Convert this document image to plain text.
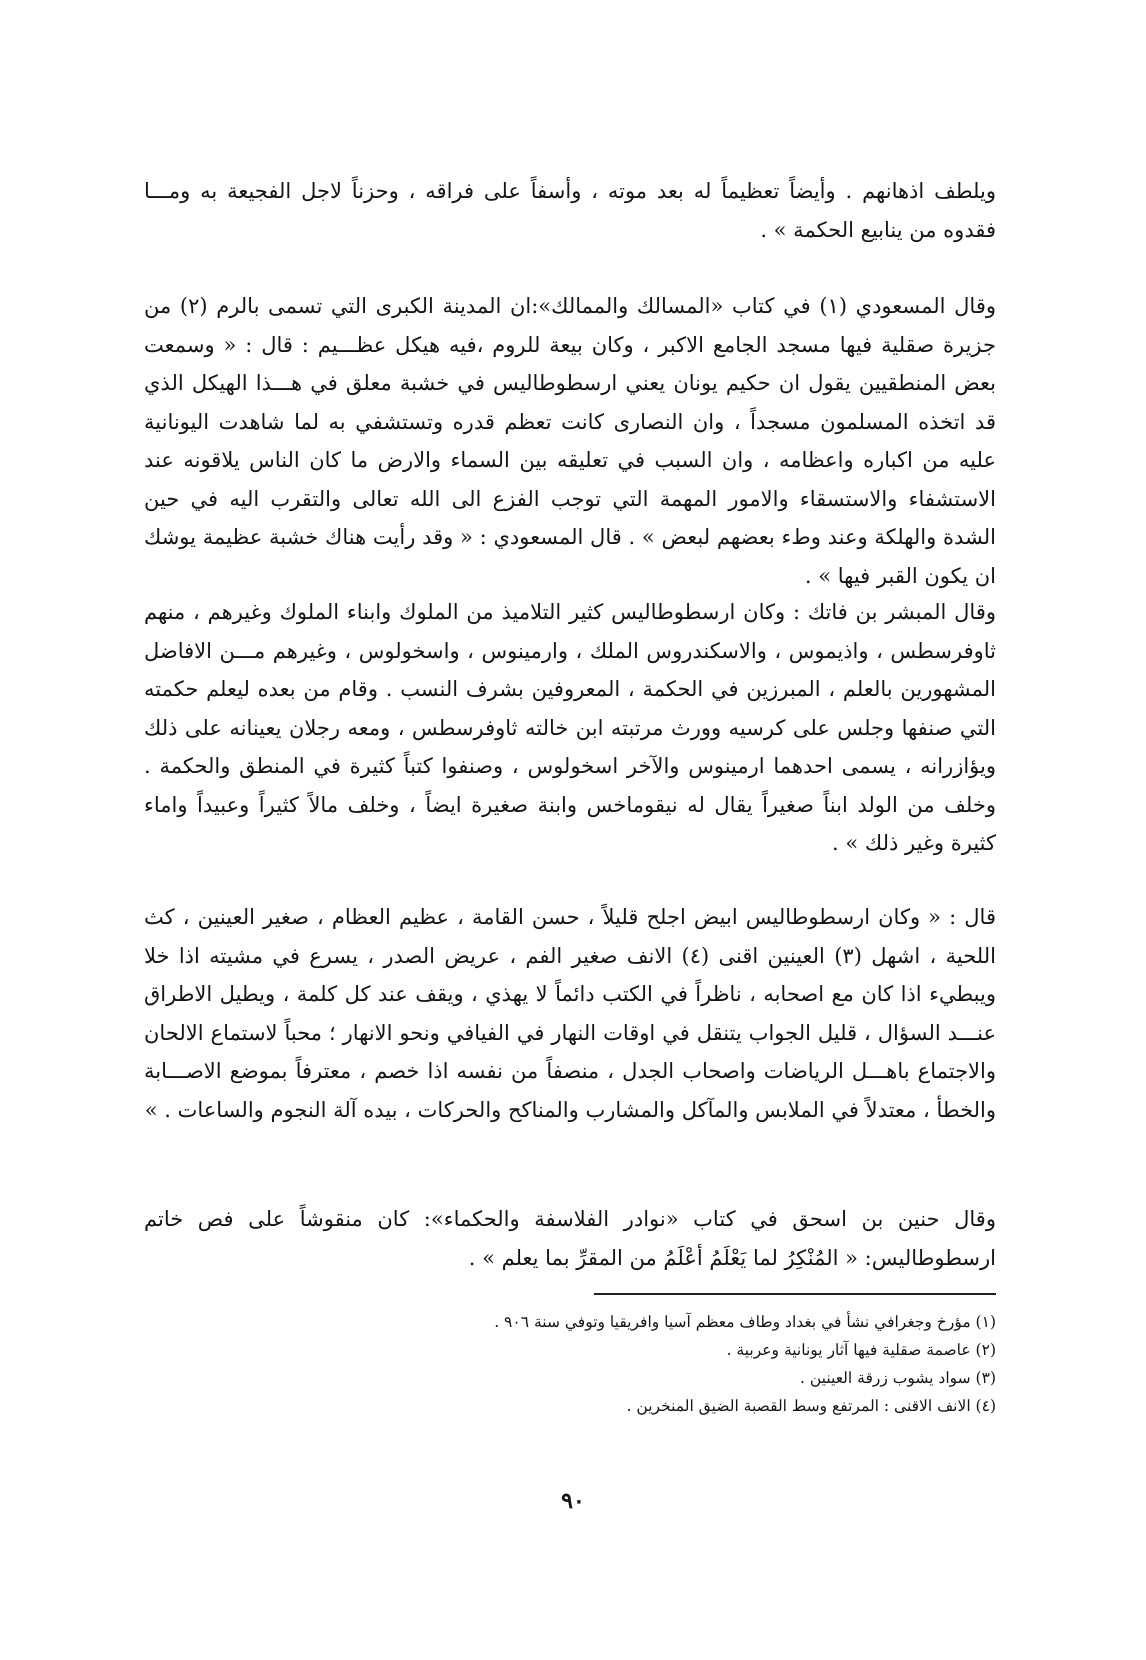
ويلطف اذهانهم . وأيضاً تعظيماً له بعد موته ، وأسفاً على فراقه ، وحزناً لاجل الفجيعة به ومـــا فقدوه من ينابيع الحكمة » .

وقال المسعودي (١) في كتاب «المسالك والممالك»:ان المدينة الكبرى التي تسمى بالرم (٢) من جزيرة صقلية فيها مسجد الجامع الاكبر ، وكان بيعة للروم ،فيه هيكل عظـــيم : قال : « وسمعت بعض المنطقيين يقول ان حكيم يونان يعني ارسطوطاليس في خشبة معلق في هـــذا الهيكل الذي قد اتخذه المسلمون مسجداً ، وان النصارى كانت تعظم قدره وتستشفي به لما شاهدت اليونانية عليه من اكباره واعظامه ، وان السبب في تعليقه بين السماء والارض ما كان الناس يلاقونه عند الاستشفاء والاستسقاء والامور المهمة التي توجب الفزع الى الله تعالى والتقرب اليه في حين الشدة والهلكة وعند وطء بعضهم لبعض » . قال المسعودي : « وقد رأيت هناك خشبة عظيمة يوشك ان يكون القبر فيها » .

وقال المبشر بن فاتك : وكان ارسطوطاليس كثير التلاميذ من الملوك وابناء الملوك وغيرهم ، منهم ثاوفرسطس ، واذيموس ، والاسكندروس الملك ، وارمينوس ، واسخولوس ، وغيرهم مـــن الافاضل المشهورين بالعلم ، المبرزين في الحكمة ، المعروفين بشرف النسب . وقام من بعده ليعلم حكمته التي صنفها وجلس على كرسيه وورث مرتبته ابن خالته ثاوفرسطس ، ومعه رجلان يعينانه على ذلك ويؤازرانه ، يسمى احدهما ارمينوس والآخر اسخولوس ، وصنفوا كتباً كثيرة في المنطق والحكمة . وخلف من الولد ابناً صغيراً يقال له نيقوماخس وابنة صغيرة ايضاً ، وخلف مالاً كثيراً وعبيداً واماء كثيرة وغير ذلك » .

قال : « وكان ارسطوطاليس ابيض اجلح قليلاً ، حسن القامة ، عظيم العظام ، صغير العينين ، كث اللحية ، اشهل (٣) العينين اقنى (٤) الانف صغير الفم ، عريض الصدر ، يسرع في مشيته اذا خلا ويبطيء اذا كان مع اصحابه ، ناظراً في الكتب دائماً لا يهذي ، ويقف عند كل كلمة ، ويطيل الاطراق عنـــد السؤال ، قليل الجواب يتنقل في اوقات النهار في الفيافي ونحو الانهار ؛ محباً لاستماع الالحان والاجتماع باهـــل الرياضات واصحاب الجدل ، منصفاً من نفسه اذا خصم ، معترفاً بموضع الاصـــابة والخطأ ، معتدلاً في الملابس والمآكل والمشارب والمناكح والحركات ، بيده آلة النجوم والساعات . »

وقال حنين بن اسحق في كتاب «نوادر الفلاسفة والحكماء»: كان منقوشاً على فص خاتم ارسطوطاليس: « المُنْكِرُ لما يَعْلَمُ أعْلَمُ من المقرِّ بما يعلم » .

(١) مؤرخ وجغرافي نشأ في بغداد وطاف معظم آسيا وافريقيا وتوفي سنة ٩٠٦ .
(٢) عاصمة صقلية فيها آثار يونانية وعربية .
(٣) سواد يشوب زرقة العينين .
(٤) الانف الاقنى : المرتفع وسط القصبة الضيق المنخرين .
٩٠
